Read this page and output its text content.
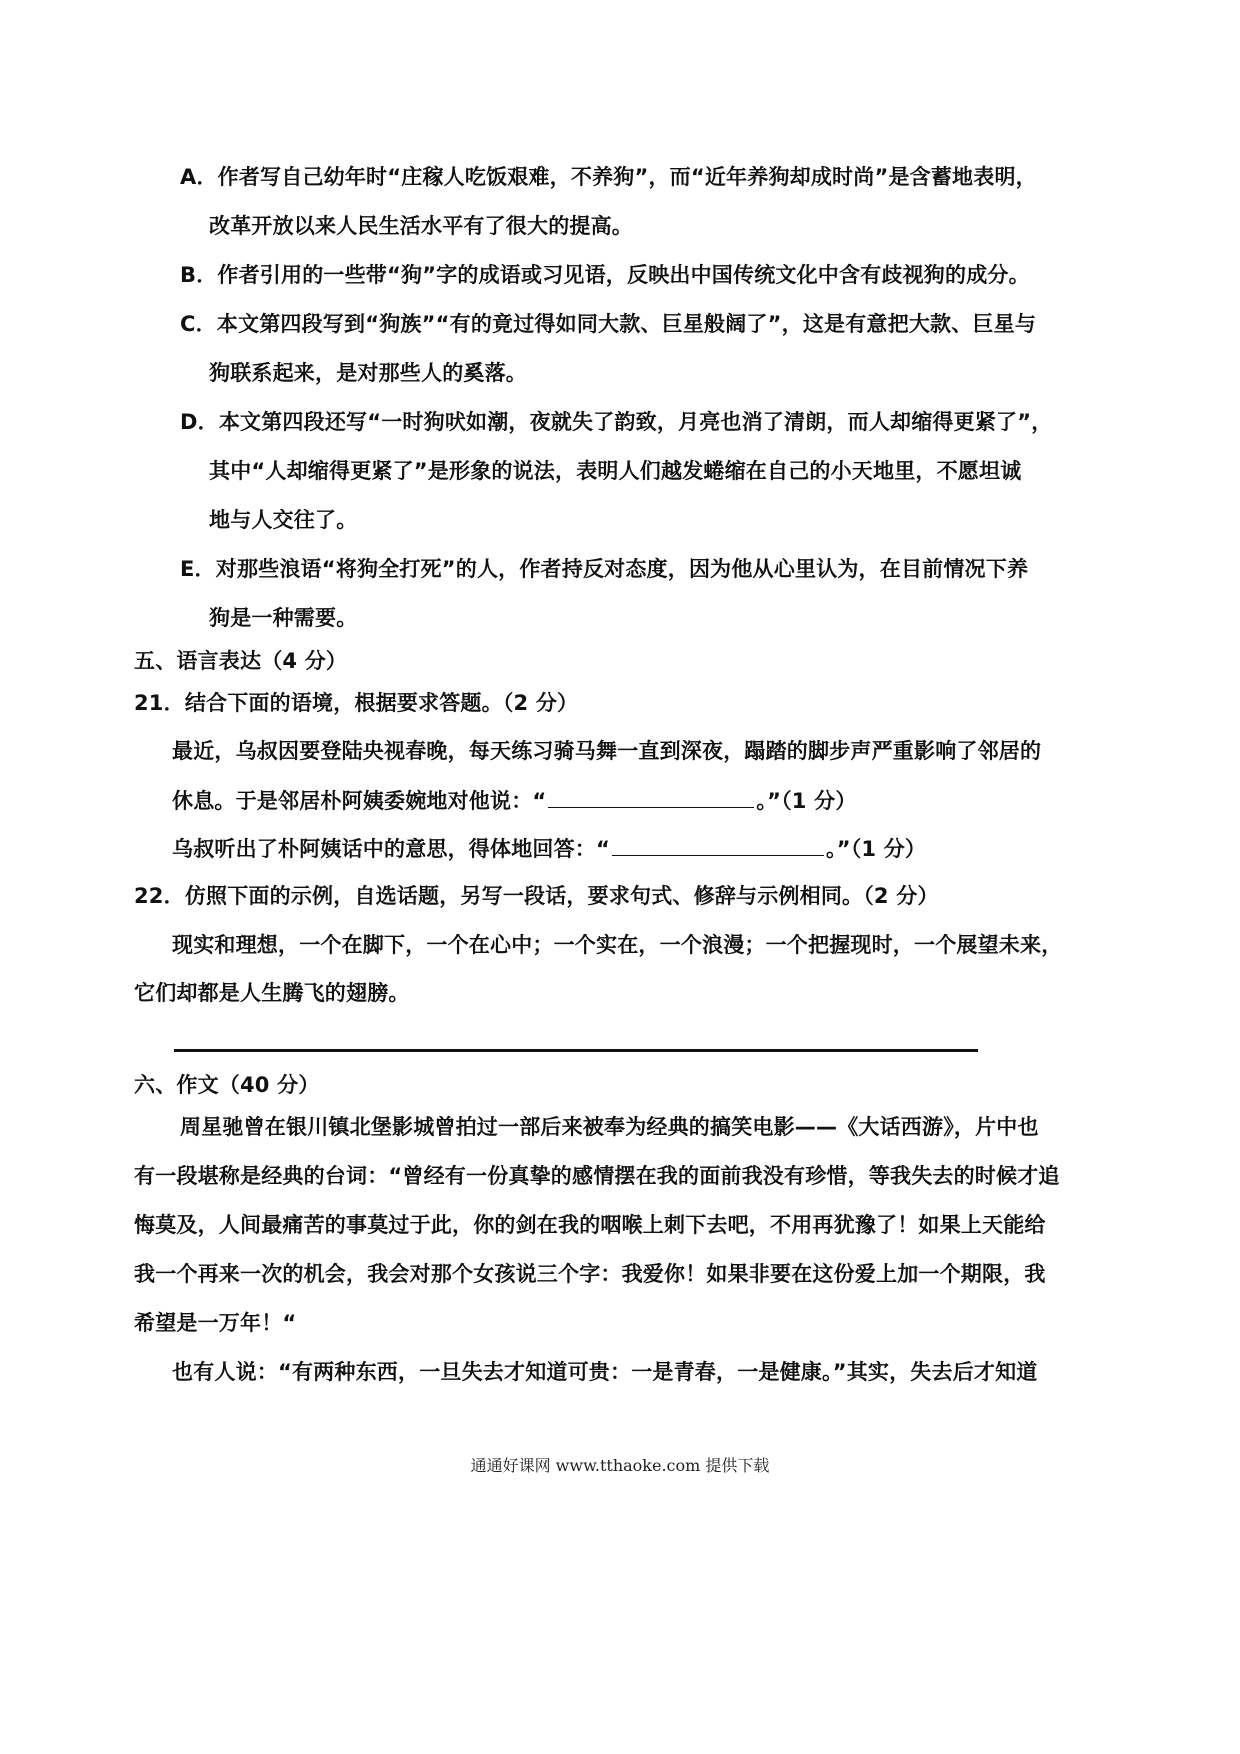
A．作者写自己幼年时“庄稼人吃饭艰难，不养狗”，而“近年养狗却成时尚”是含蓄地表明，
改革开放以来人民生活水平有了很大的提高。
B．作者引用的一些带“狗”字的成语或习见语，反映出中国传统文化中含有歧视狗的成分。
C．本文第四段写到“狗族”“有的竟过得如同大款、巨星般阔了”，这是有意把大款、巨星与
狗联系起来，是对那些人的奚落。
D．本文第四段还写“一时狗吠如潮，夜就失了韵致，月亮也消了清朗，而人却缩得更紧了”，
其中“人却缩得更紧了”是形象的说法，表明人们越发蜷缩在自己的小天地里，不愿坦诚
地与人交往了。
E．对那些浪语“将狗全打死”的人，作者持反对态度，因为他从心里认为，在目前情况下养
狗是一种需要。
五、语言表达（4 分）
21．结合下面的语境，根据要求答题。（2 分）
最近，乌叔因要登陆央视春晚，每天练习骑马舞一直到深夜，蹋踏的脚步声严重影响了邻居的
休息。于是邻居朴阿姨委婉地对他说：“	。”（1 分）
乌叔听出了朴阿姨话中的意思，得体地回答：“	。”（1 分）
22．仿照下面的示例，自选话题，另写一段话，要求句式、修辞与示例相同。（2 分）
现实和理想，一个在脚下，一个在心中；一个实在，一个浪漫；一个把握现时，一个展望未来，
它们却都是人生腾飞的翅膀。
六、作文（40 分）
周星驰曾在银川镇北堡影城曾拍过一部后来被奉为经典的搞笑电影——《大话西游》，片中也
有一段堪称是经典的台词：“曾经有一份真挚的感情摆在我的面前我没有珍惜，等我失去的时候才追
悔莫及，人间最痛苦的事莫过于此，你的剑在我的咽喉上刺下去吧，不用再犹豫了！如果上天能给
我一个再来一次的机会，我会对那个女孩说三个字：我爱你！如果非要在这份爱上加一个期限，我
希望是一万年！“
也有人说：“有两种东西，一旦失去才知道可贵：一是青春，一是健康。”其实，失去后才知道
通通好课网 www.tthaoke.com 提供下载
